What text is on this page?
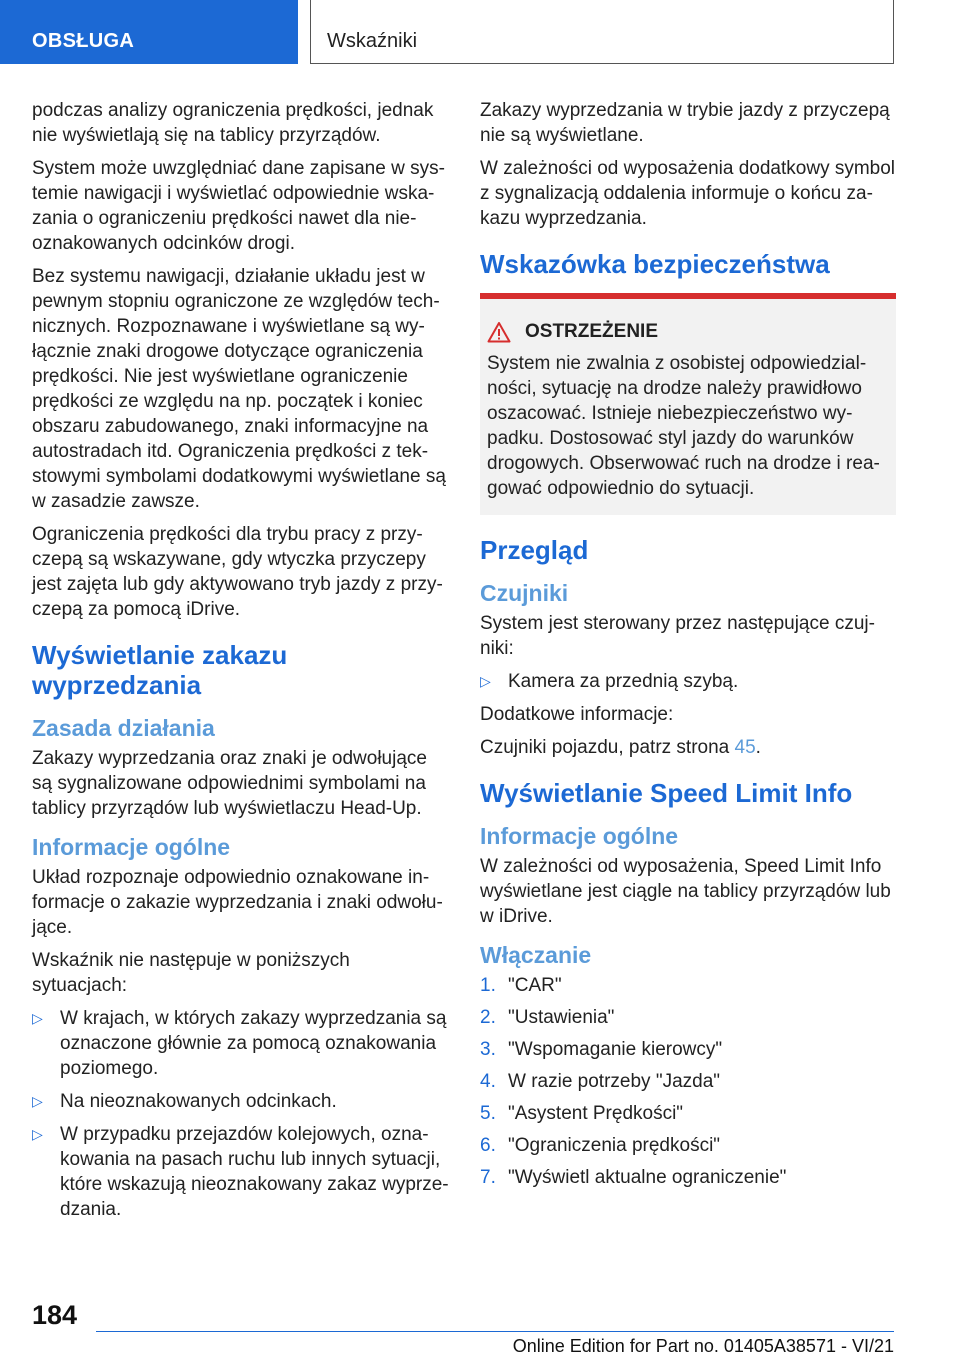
OBSŁUGA	Wskaźniki

podczas analizy ograniczenia prędkości, jednak nie wyświetlają się na tablicy przyrządów.

System może uwzględniać dane zapisane w systemie nawigacji i wyświetlać odpowiednie wskazania o ograniczeniu prędkości nawet dla nieoznakowanych odcinków drogi.

Bez systemu nawigacji, działanie układu jest w pewnym stopniu ograniczone ze względów technicznych. Rozpoznawane i wyświetlane są wyłącznie znaki drogowe dotyczące ograniczenia prędkości. Nie jest wyświetlane ograniczenie prędkości ze względu na np. początek i koniec obszaru zabudowanego, znaki informacyjne na autostradach itd. Ograniczenia prędkości z tekstowymi symbolami dodatkowymi wyświetlane są w zasadzie zawsze.

Ograniczenia prędkości dla trybu pracy z przyczepą są wskazywane, gdy wtyczka przyczepy jest zajęta lub gdy aktywowano tryb jazdy z przyczepą za pomocą iDrive.

Wyświetlanie zakazu wyprzedzania
Zasada działania

Zakazy wyprzedzania oraz znaki je odwołujące są sygnalizowane odpowiednimi symbolami na tablicy przyrządów lub wyświetlaczu Head-Up.

Informacje ogólne

Układ rozpoznaje odpowiednio oznakowane informacje o zakazie wyprzedzania i znaki odwołujące.

Wskaźnik nie następuje w poniższych sytuacjach:

▷ W krajach, w których zakazy wyprzedzania są oznaczone głównie za pomocą oznakowania poziomego.
▷ Na nieoznakowanych odcinkach.
▷ W przypadku przejazdów kolejowych, oznakowania na pasach ruchu lub innych sytuacji, które wskazują nieoznakowany zakaz wyprzedzania.

Zakazy wyprzedzania w trybie jazdy z przyczepą nie są wyświetlane.

W zależności od wyposażenia dodatkowy symbol z sygnalizacją oddalenia informuje o końcu zakazu wyprzedzania.

Wskazówka bezpieczeństwa
OSTRZEŻENIE

System nie zwalnia z osobistej odpowiedzialności, sytuację na drodze należy prawidłowo oszacować. Istnieje niebezpieczeństwo wypadku. Dostosować styl jazdy do warunków drogowych. Obserwować ruch na drodze i reagować odpowiednio do sytuacji.

Przegląd
Czujniki

System jest sterowany przez następujące czujniki:

▷ Kamera za przednią szybą.

Dodatkowe informacje:

Czujniki pojazdu, patrz strona 45.

Wyświetlanie Speed Limit Info
Informacje ogólne

W zależności od wyposażenia, Speed Limit Info wyświetlane jest ciągle na tablicy przyrządów lub w iDrive.

Włączanie
1. "CAR"
2. "Ustawienia"
3. "Wspomaganie kierowcy"
4. W razie potrzeby "Jazda"
5. "Asystent Prędkości"
6. "Ograniczenia prędkości"
7. "Wyświetl aktualne ograniczenie"
184
Online Edition for Part no. 01405A38571 - VI/21
